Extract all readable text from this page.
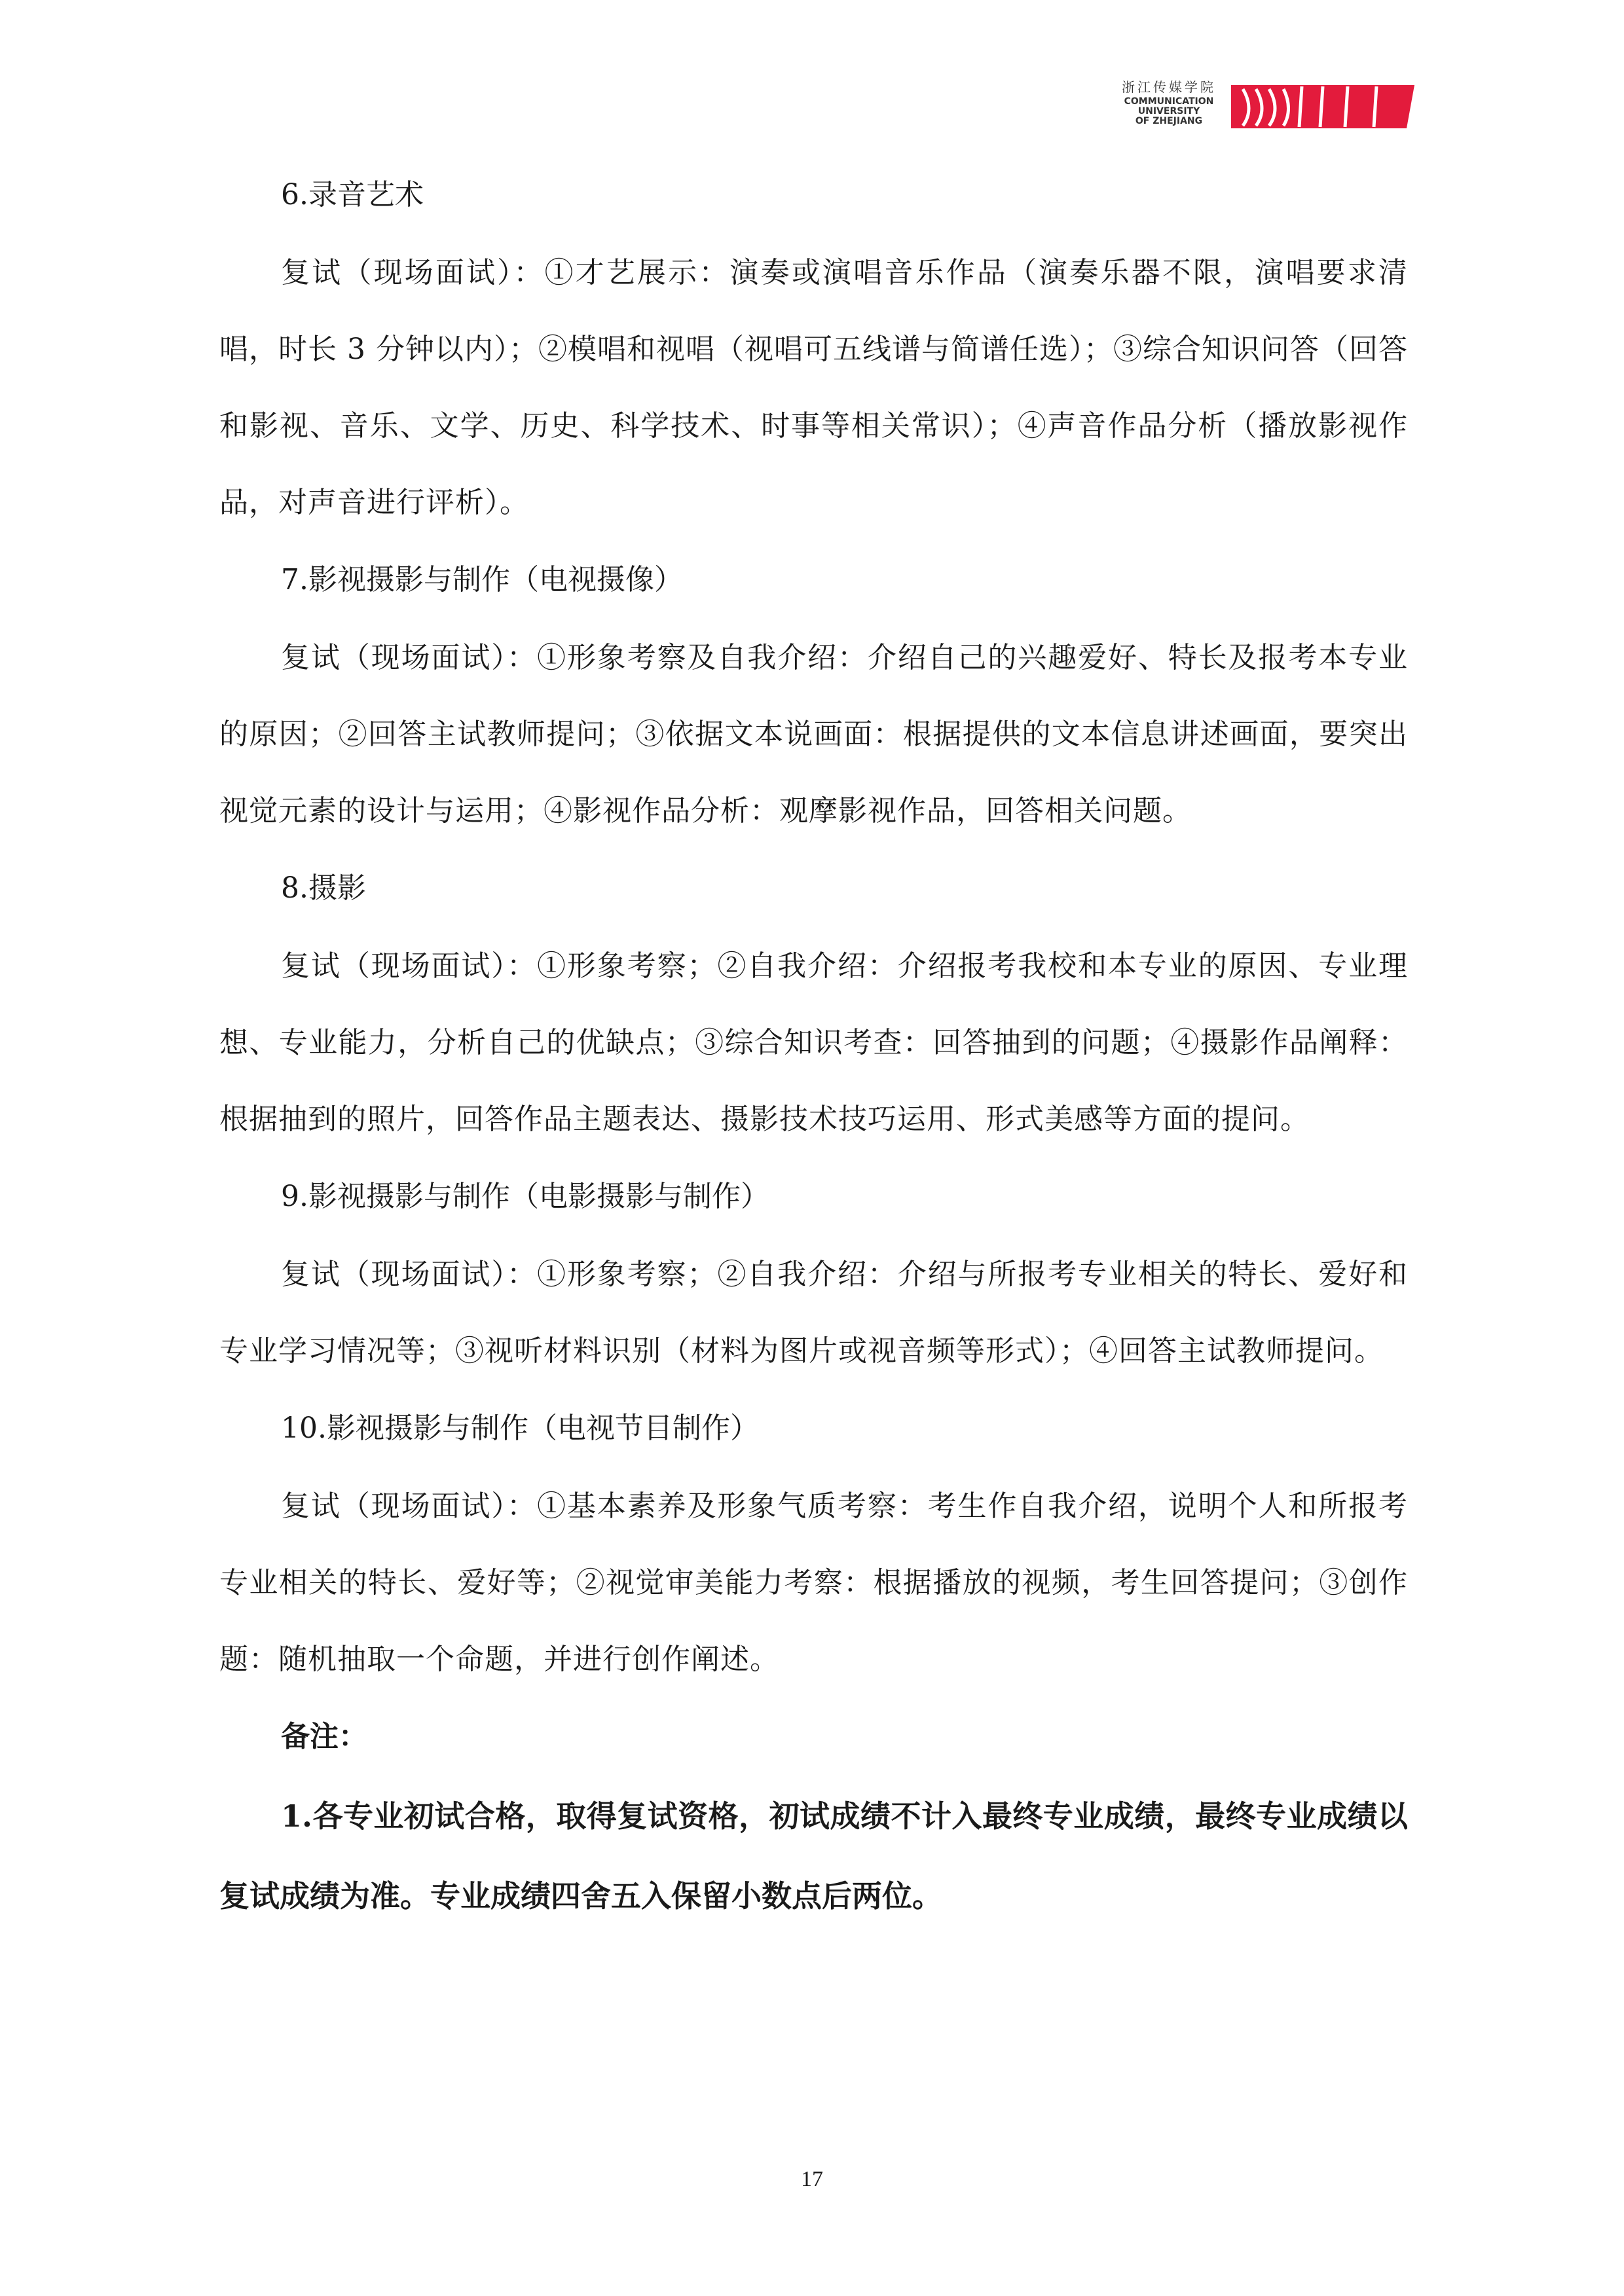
浙江传媒学院
COMMUNICATION
UNIVERSITY
OF ZHEJIANG

6.录音艺术

复试（现场面试）：①才艺展示：演奏或演唱音乐作品（演奏乐器不限，演唱要求清唱，时长 3 分钟以内）；②模唱和视唱（视唱可五线谱与简谱任选）；③综合知识问答（回答和影视、音乐、文学、历史、科学技术、时事等相关常识）；④声音作品分析（播放影视作品，对声音进行评析）。

7.影视摄影与制作（电视摄像）

复试（现场面试）：①形象考察及自我介绍：介绍自己的兴趣爱好、特长及报考本专业的原因；②回答主试教师提问；③依据文本说画面：根据提供的文本信息讲述画面，要突出视觉元素的设计与运用；④影视作品分析：观摩影视作品，回答相关问题。

8.摄影

复试（现场面试）：①形象考察；②自我介绍：介绍报考我校和本专业的原因、专业理想、专业能力，分析自己的优缺点；③综合知识考查：回答抽到的问题；④摄影作品阐释：根据抽到的照片，回答作品主题表达、摄影技术技巧运用、形式美感等方面的提问。

9.影视摄影与制作（电影摄影与制作）

复试（现场面试）：①形象考察；②自我介绍：介绍与所报考专业相关的特长、爱好和专业学习情况等；③视听材料识别（材料为图片或视音频等形式）；④回答主试教师提问。

10.影视摄影与制作（电视节目制作）

复试（现场面试）：①基本素养及形象气质考察：考生作自我介绍，说明个人和所报考专业相关的特长、爱好等；②视觉审美能力考察：根据播放的视频，考生回答提问；③创作题：随机抽取一个命题，并进行创作阐述。

备注：

1.各专业初试合格，取得复试资格，初试成绩不计入最终专业成绩，最终专业成绩以复试成绩为准。专业成绩四舍五入保留小数点后两位。

17
